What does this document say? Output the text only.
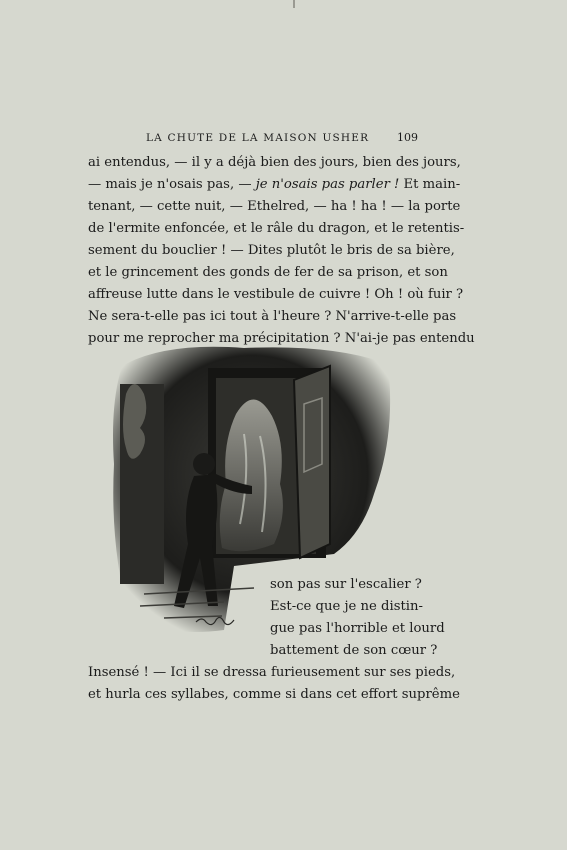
LA CHUTE DE LA MAISON USHER	109
ai entendus, — il y a déjà bien des jours, bien des jours,
— mais je n'osais pas, — je n'osais pas parler ! Et main-
tenant, — cette nuit, — Ethelred, — ha ! ha ! — la porte
de l'ermite enfoncée, et le râle du dragon, et le retentis-
sement du bouclier ! — Dites plutôt le bris de sa bière,
et le grincement des gonds de fer de sa prison, et son
affreuse lutte dans le vestibule de cuivre ! Oh ! où fuir ?
Ne sera-t-elle pas ici tout à l'heure ? N'arrive-t-elle pas
pour me reprocher ma précipitation ? N'ai-je pas entendu
son pas sur l'escalier ?
Est-ce que je ne distin-
gue pas l'horrible et lourd
battement de son cœur ?
Insensé ! — Ici il se dressa furieusement sur ses pieds,
et hurla ces syllabes, comme si dans cet effort suprême
